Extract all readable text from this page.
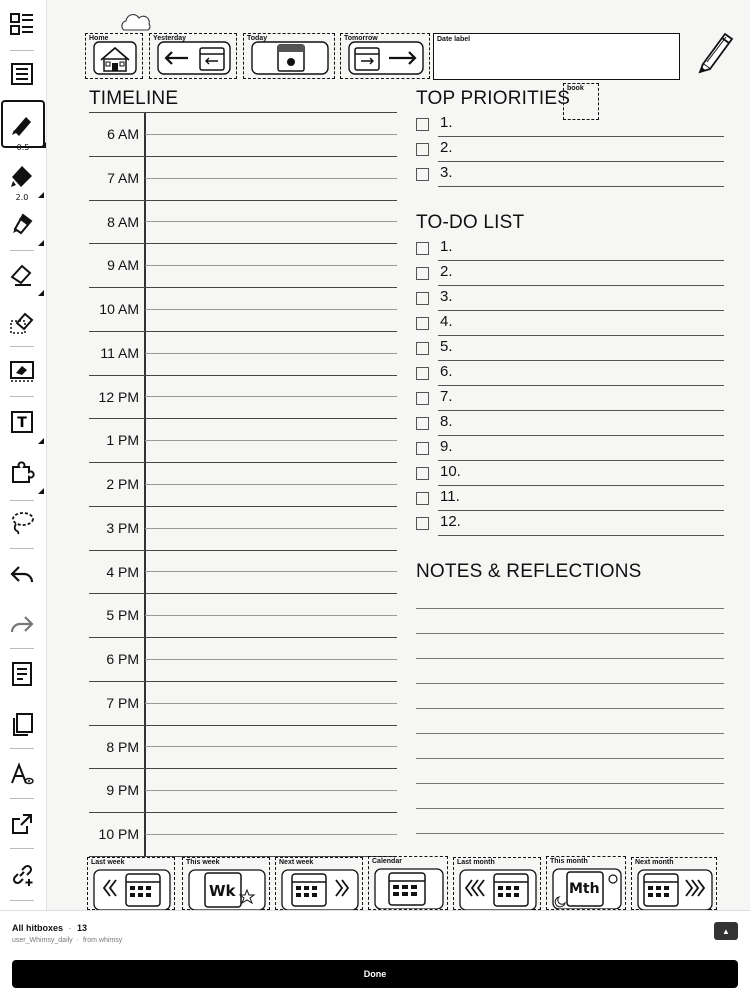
0.5
2.0
T
Home	Yesterday	Today	Tomorrow	Date label
TIMELINE
6 AM
7 AM
8 AM
9 AM
10 AM
11 AM
12 PM
1 PM
2 PM
3 PM
4 PM
5 PM
6 PM
7 PM
8 PM
9 PM
10 PM
TOP PRIORITIES
book
1.
2.
3.
TO-DO LIST
1.
2.
3.
4.
5.
6.
7.
8.
9.
10.
11.
12.
NOTES & REFLECTIONS
Last week	This week
Wk
Next week	Calendar	Last month	This month
Mth
Next month
All hitboxes · 13
user_Whimsy_daily · from whimsy
▲
Done
